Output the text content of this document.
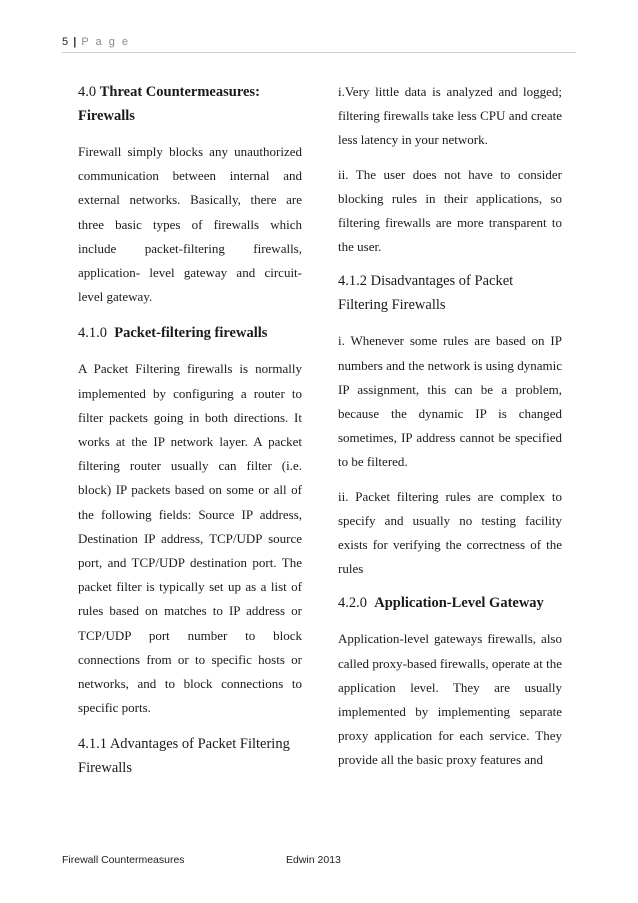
5 | P a g e
4.0 Threat Countermeasures: Firewalls

Firewall simply blocks any unauthorized communication between internal and external networks. Basically, there are three basic types of firewalls which include packet-filtering firewalls, application- level gateway and circuit-level gateway.

4.1.0 Packet-filtering firewalls

A Packet Filtering firewalls is normally implemented by configuring a router to filter packets going in both directions. It works at the IP network layer. A packet filtering router usually can filter (i.e. block) IP packets based on some or all of the following fields: Source IP address, Destination IP address, TCP/UDP source port, and TCP/UDP destination port. The packet filter is typically set up as a list of rules based on matches to IP address or TCP/UDP port number to block connections from or to specific hosts or networks, and to block connections to specific ports.

4.1.1 Advantages of Packet Filtering Firewalls

i.Very little data is analyzed and logged; filtering firewalls take less CPU and create less latency in your network.

ii. The user does not have to consider blocking rules in their applications, so filtering firewalls are more transparent to the user.

4.1.2 Disadvantages of Packet Filtering Firewalls

i. Whenever some rules are based on IP numbers and the network is using dynamic IP assignment, this can be a problem, because the dynamic IP is changed sometimes, IP address cannot be specified to be filtered.

ii. Packet filtering rules are complex to specify and usually no testing facility exists for verifying the correctness of the rules

4.2.0 Application-Level Gateway

Application-level gateways firewalls, also called proxy-based firewalls, operate at the application level. They are usually implemented by implementing separate proxy application for each service. They provide all the basic proxy features and

Firewall Countermeasures	Edwin 2013
